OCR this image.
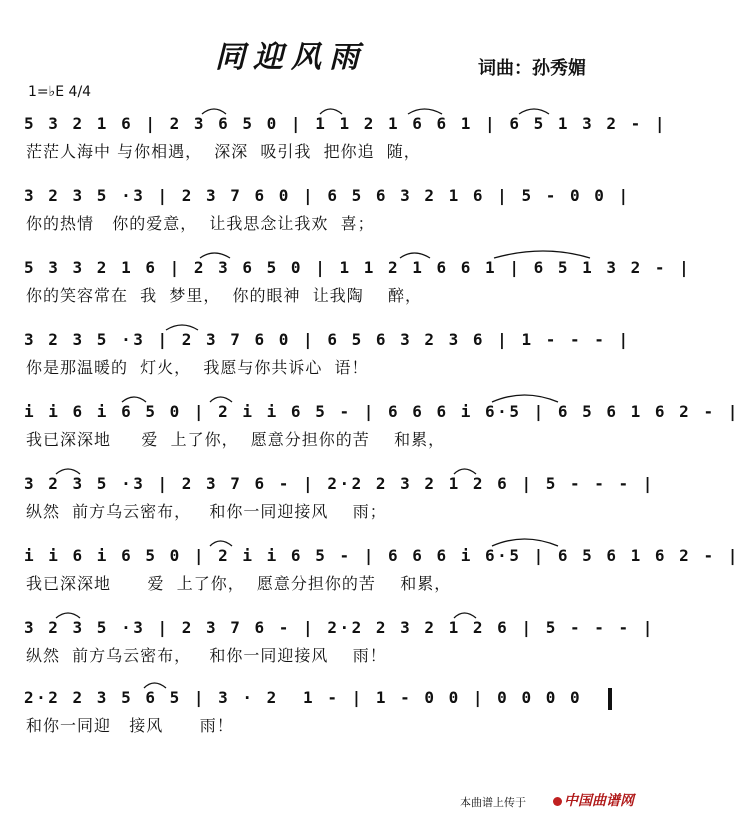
同迎风雨	词曲：孙秀媚
1=♭E 4/4
5 3 2 1 6 | 2 3 6 5 0 | 1 1 2 1 6 6 1 | 6 5 1 3 2 - |
茫茫人海中 与你相遇，  深深  吸引我  把你追  随，
3 2 3 5 ·3 | 2 3 7 6 0 | 6 5 6 3 2 1 6 | 5 - 0 0 |
你的热情   你的爱意，  让我思念让我欢  喜；
5 3 3 2 1 6 | 2 3 6 5 0 | 1 1 2 1 6 6 1 | 6 5 1 3 2 - |
你的笑容常在  我  梦里，  你的眼神  让我陶    醉，
3 2 3 5 ·3 | 2 3 7 6 0 | 6 5 6 3 2 3 6 | 1 - - - |
你是那温暖的  灯火，  我愿与你共诉心  语！
i i 6 i 6 5 0 | 2 i i 6 5 - | 6 6 6 i 6·5 | 6 5 6 1 6 2 - |
我已深深地     爱  上了你，  愿意分担你的苦    和累，
3 2 3 5 ·3 | 2 3 7 6 - | 2·2 2 3 2 1 2 6 | 5 - - - |
纵然  前方乌云密布，   和你一同迎接风    雨；
i i 6 i 6 5 0 | 2 i i 6 5 - | 6 6 6 i 6·5 | 6 5 6 1 6 2 - |
我已深深地      爱  上了你，  愿意分担你的苦    和累，
3 2 3 5 ·3 | 2 3 7 6 - | 2·2 2 3 2 1 2 6 | 5 - - - |
纵然  前方乌云密布，   和你一同迎接风    雨！
2·2 2 3 5 6 5 | 3 · 2  1 - | 1 - 0 0 | 0 0 0 0
和你一同迎   接风      雨！
本曲谱上传于	中国曲谱网
